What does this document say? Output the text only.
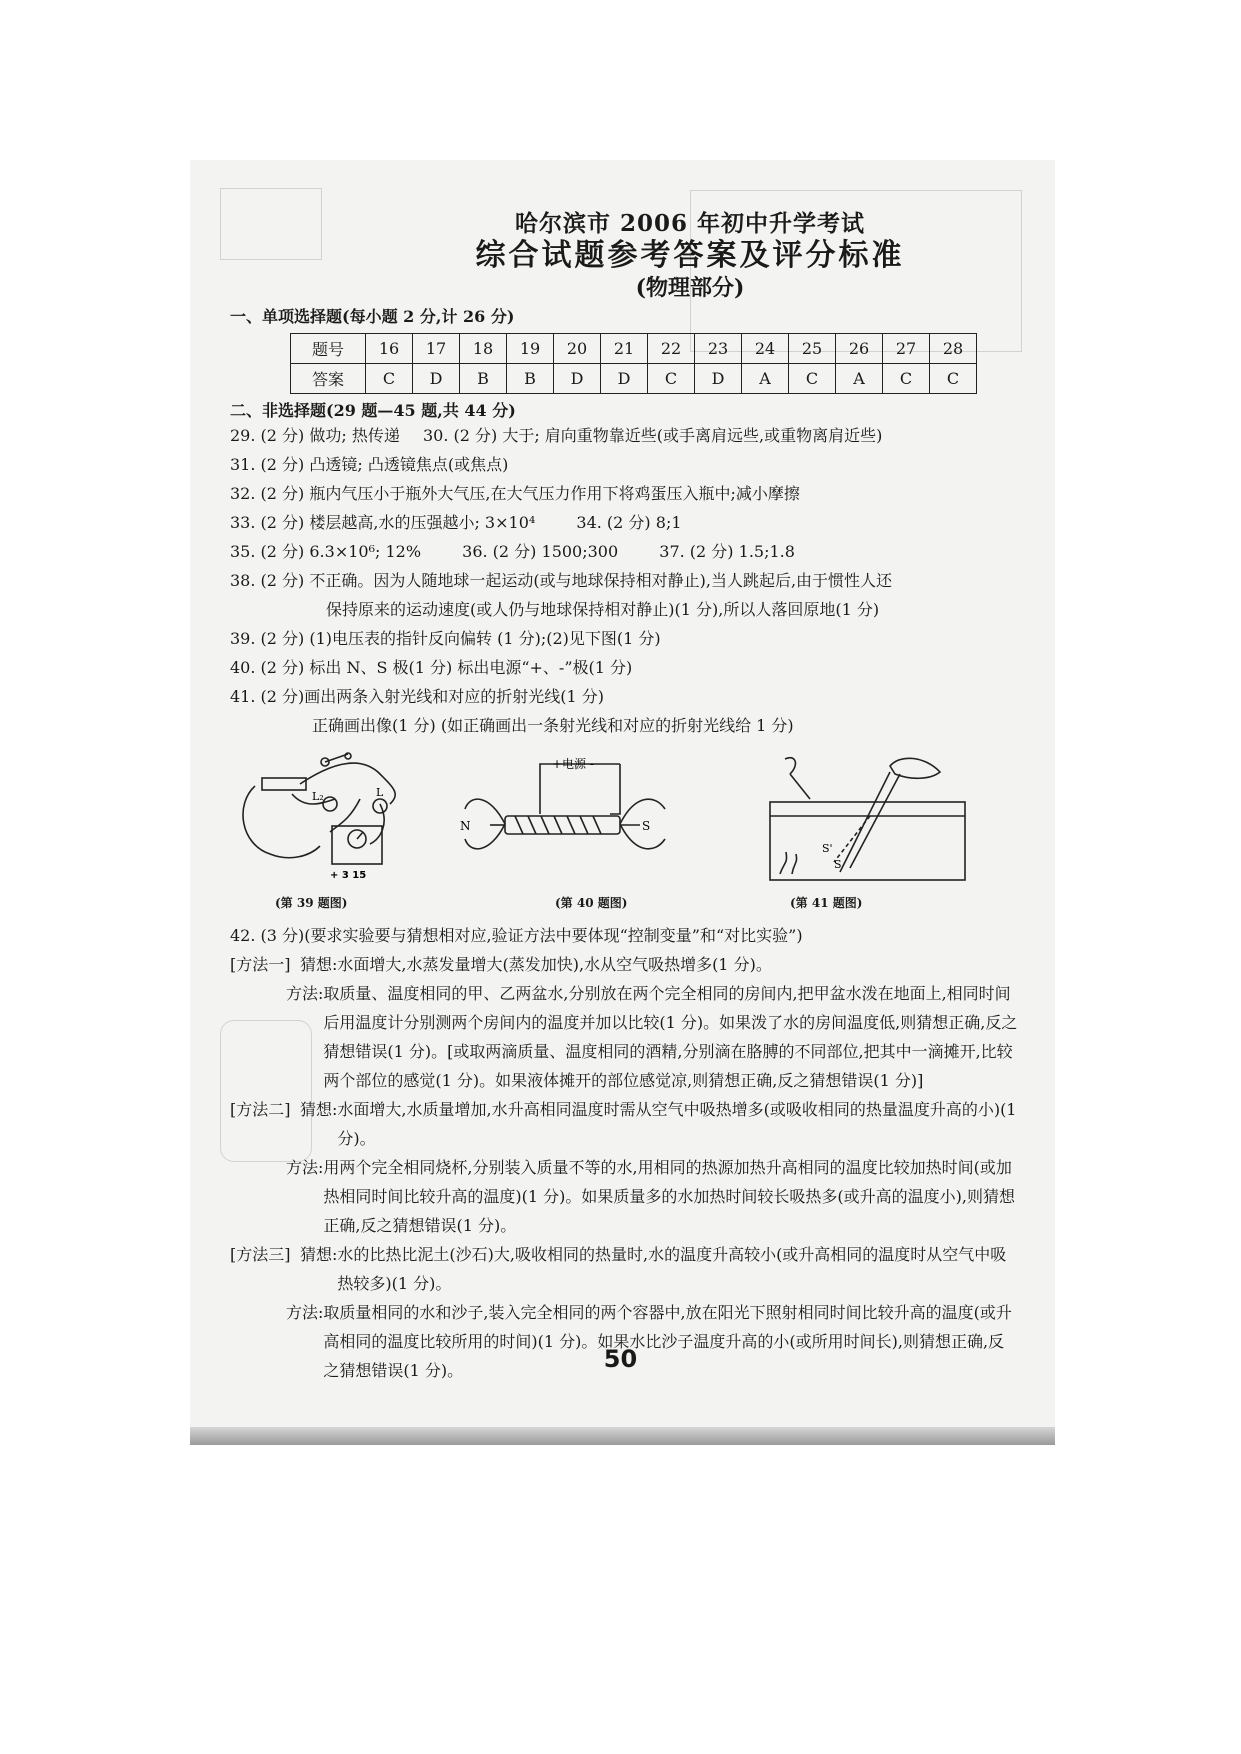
哈尔滨市 2006 年初中升学考试
综合试题参考答案及评分标准
(物理部分)
一、单项选择题(每小题 2 分,计 26 分)
题号	16	17	18	19	20	21	22	23	24	25	26	27	28
答案	C	D	B	B	D	D	C	D	A	C	A	C	C
二、非选择题(29 题—45 题,共 44 分)
29. (2 分) 做功; 热传递 30. (2 分) 大于; 肩向重物靠近些(或手离肩远些,或重物离肩近些)
31. (2 分) 凸透镜; 凸透镜焦点(或焦点)
32. (2 分) 瓶内气压小于瓶外大气压,在大气压力作用下将鸡蛋压入瓶中;减小摩擦
33. (2 分) 楼层越高,水的压强越小; 3×10⁴	34. (2 分) 8;1
35. (2 分) 6.3×10⁶; 12%	36. (2 分) 1500;300	37. (2 分) 1.5;1.8
38. (2 分) 不正确。因为人随地球一起运动(或与地球保持相对静止),当人跳起后,由于惯性人还
保持原来的运动速度(或人仍与地球保持相对静止)(1 分),所以人落回原地(1 分)
39. (2 分) (1)电压表的指针反向偏转 (1 分);(2)见下图(1 分)
40. (2 分) 标出 N、S 极(1 分) 标出电源“+、-”极(1 分)
41. (2 分)画出两条入射光线和对应的折射光线(1 分)
正确画出像(1 分) (如正确画出一条射光线和对应的折射光线给 1 分)
L₂	L
+ 3 15
(第 39 题图)
+电源 -
N	S
(第 40 题图)
S'
S
(第 41 题图)
42. (3 分)(要求实验要与猜想相对应,验证方法中要体现“控制变量”和“对比实验”)
[方法一] 猜想: 水面增大,水蒸发量增大(蒸发加快),水从空气吸热增多(1 分)。
方法: 取质量、温度相同的甲、乙两盆水,分别放在两个完全相同的房间内,把甲盆水泼在地面上,相同时间后用温度计分别测两个房间内的温度并加以比较(1 分)。如果泼了水的房间温度低,则猜想正确,反之猜想错误(1 分)。[或取两滴质量、温度相同的酒精,分别滴在胳膊的不同部位,把其中一滴摊开,比较两个部位的感觉(1 分)。如果液体摊开的部位感觉凉,则猜想正确,反之猜想错误(1 分)]
[方法二] 猜想: 水面增大,水质量增加,水升高相同温度时需从空气中吸热增多(或吸收相同的热量温度升高的小)(1 分)。
方法: 用两个完全相同烧杯,分别装入质量不等的水,用相同的热源加热升高相同的温度比较加热时间(或加热相同时间比较升高的温度)(1 分)。如果质量多的水加热时间较长吸热多(或升高的温度小),则猜想正确,反之猜想错误(1 分)。
[方法三] 猜想: 水的比热比泥土(沙石)大,吸收相同的热量时,水的温度升高较小(或升高相同的温度时从空气中吸热较多)(1 分)。
方法: 取质量相同的水和沙子,装入完全相同的两个容器中,放在阳光下照射相同时间比较升高的温度(或升高相同的温度比较所用的时间)(1 分)。如果水比沙子温度升高的小(或所用时间长),则猜想正确,反之猜想错误(1 分)。	50
